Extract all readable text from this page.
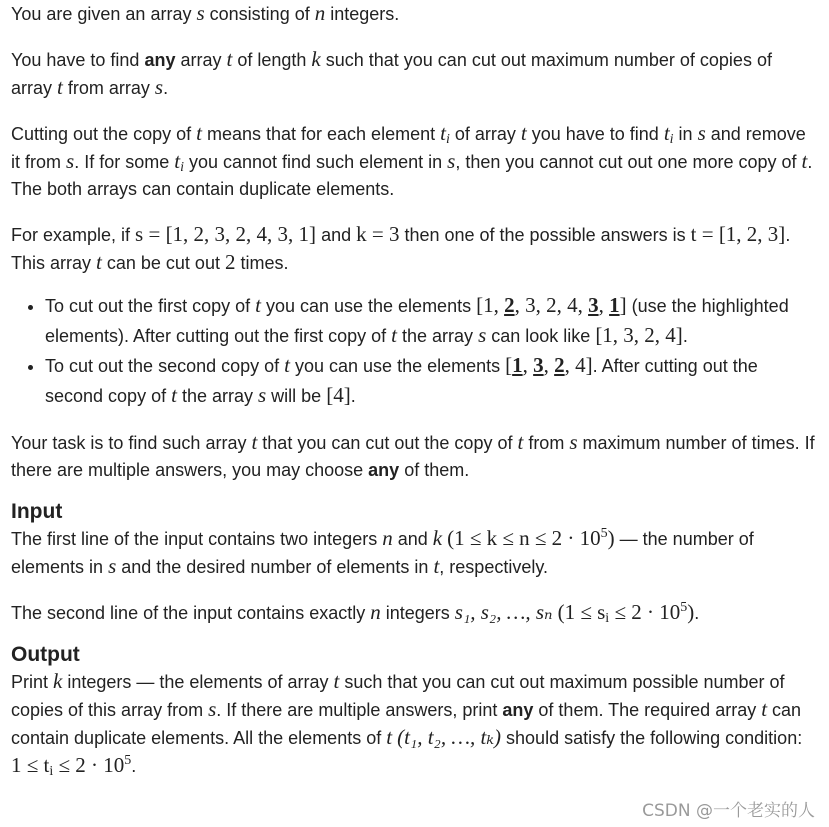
You are given an array s consisting of n integers.

You have to find any array t of length k such that you can cut out maximum number of copies of array t from array s.

Cutting out the copy of t means that for each element $t_i$ of array t you have to find $t_i$ in s and remove it from s. If for some $t_i$ you cannot find such element in s, then you cannot cut out one more copy of t. The both arrays can contain duplicate elements.

For example, if s = [1, 2, 3, 2, 4, 3, 1] and k = 3 then one of the possible answers is t = [1, 2, 3]. This array t can be cut out 2 times.

• To cut out the first copy of t you can use the elements [1, 2, 3, 2, 4, 3, 1] (use the highlighted elements). After cutting out the first copy of t the array s can look like [1, 3, 2, 4].
• To cut out the second copy of t you can use the elements [1, 3, 2, 4]. After cutting out the second copy of t the array s will be [4].

Your task is to find such array t that you can cut out the copy of t from s maximum number of times. If there are multiple answers, you may choose any of them.

Input

The first line of the input contains two integers n and k $(1 \le k \le n \le 2 \cdot 10^5)$ — the number of elements in s and the desired number of elements in t, respectively.

The second line of the input contains exactly n integers s₁, s₂, …, sₙ $(1 \le s_i \le 2 \cdot 10^5)$.

Output

Print k integers — the elements of array t such that you can cut out maximum possible number of copies of this array from s. If there are multiple answers, print any of them. The required array t can contain duplicate elements. All the elements of t (t₁, t₂, …, tₖ) should satisfy the following condition: $1 \le t_i \le 2 \cdot 10^5$.

CSDN @一个老实的人
